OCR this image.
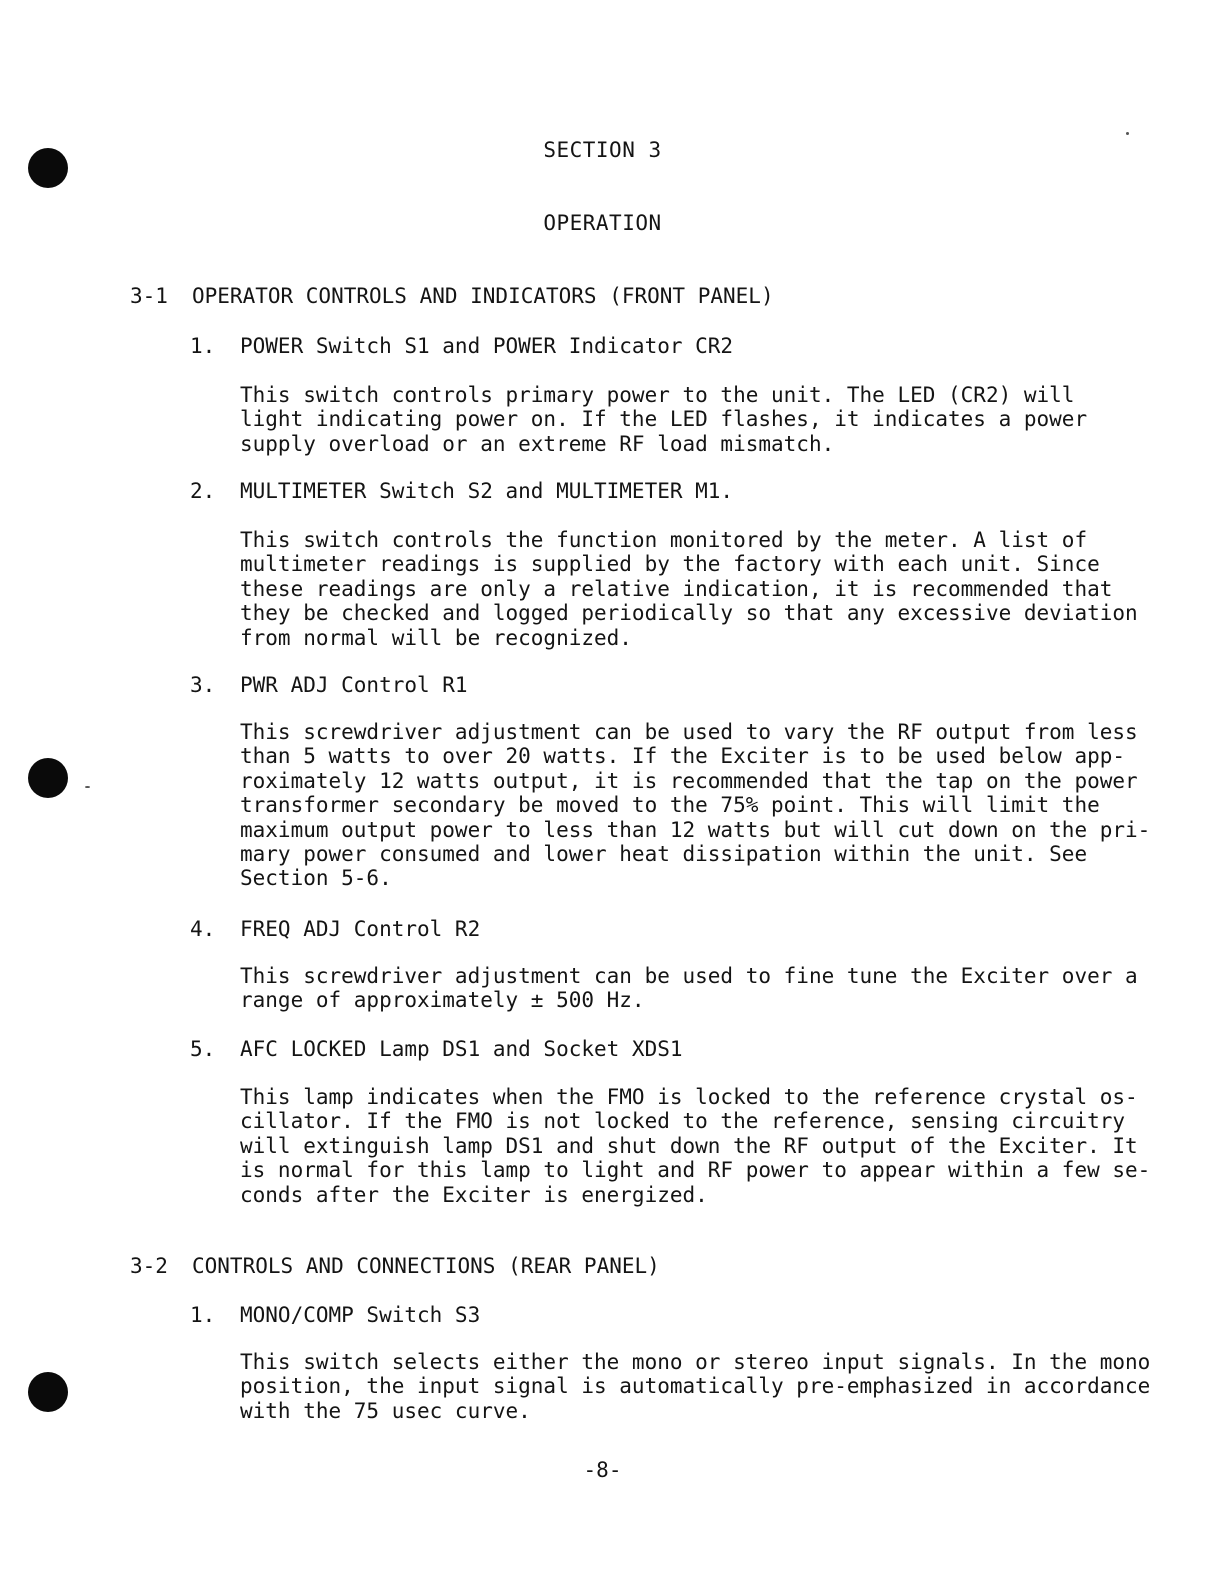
SECTION 3
OPERATION
3-1 OPERATOR CONTROLS AND INDICATORS (FRONT PANEL)
1. POWER Switch S1 and POWER Indicator CR2
This switch controls primary power to the unit. The LED (CR2) will
light indicating power on. If the LED flashes, it indicates a power
supply overload or an extreme RF load mismatch.
2. MULTIMETER Switch S2 and MULTIMETER M1.
This switch controls the function monitored by the meter. A list of
multimeter readings is supplied by the factory with each unit. Since
these readings are only a relative indication, it is recommended that
they be checked and logged periodically so that any excessive deviation
from normal will be recognized.
3. PWR ADJ Control R1
This screwdriver adjustment can be used to vary the RF output from less
than 5 watts to over 20 watts. If the Exciter is to be used below app-
roximately 12 watts output, it is recommended that the tap on the power
transformer secondary be moved to the 75% point. This will limit the
maximum output power to less than 12 watts but will cut down on the pri-
mary power consumed and lower heat dissipation within the unit. See
Section 5-6.
4. FREQ ADJ Control R2
This screwdriver adjustment can be used to fine tune the Exciter over a
range of approximately ± 500 Hz.
5. AFC LOCKED Lamp DS1 and Socket XDS1
This lamp indicates when the FMO is locked to the reference crystal os-
cillator. If the FMO is not locked to the reference, sensing circuitry
will extinguish lamp DS1 and shut down the RF output of the Exciter. It
is normal for this lamp to light and RF power to appear within a few se-
conds after the Exciter is energized.
3-2 CONTROLS AND CONNECTIONS (REAR PANEL)
1. MONO/COMP Switch S3
This switch selects either the mono or stereo input signals. In the mono
position, the input signal is automatically pre-emphasized in accordance
with the 75 usec curve.
-8-
